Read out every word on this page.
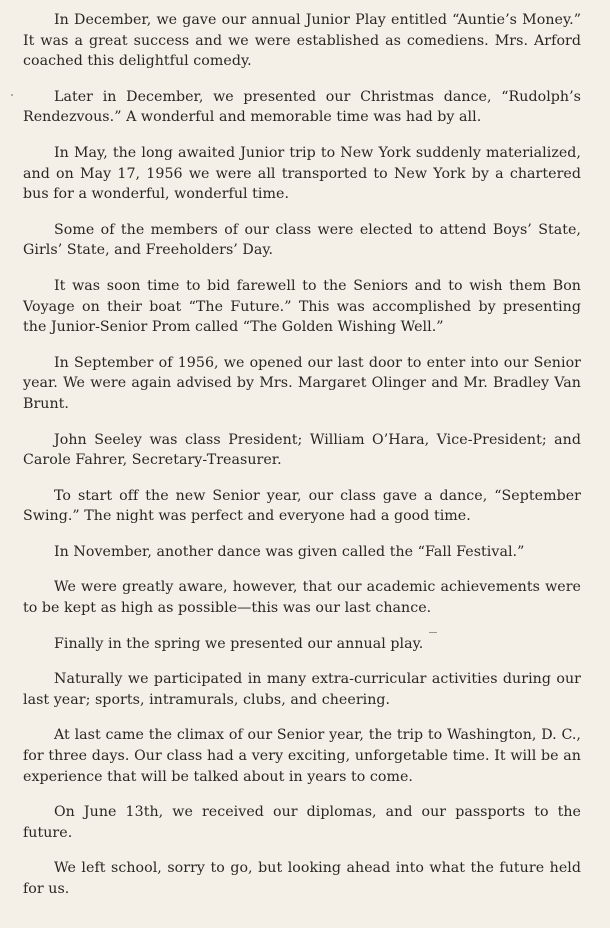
In December, we gave our annual Junior Play entitled “Auntie’s Money.” It was a great success and we were established as comediens. Mrs. Arford coached this delightful comedy.

Later in December, we presented our Christmas dance, “Rudolph’s Rendezvous.” A wonderful and memorable time was had by all.

In May, the long awaited Junior trip to New York suddenly materialized, and on May 17, 1956 we were all transported to New York by a chartered bus for a wonderful, wonderful time.

Some of the members of our class were elected to attend Boys’ State, Girls’ State, and Freeholders’ Day.

It was soon time to bid farewell to the Seniors and to wish them Bon Voyage on their boat “The Future.” This was accomplished by presenting the Junior-Senior Prom called “The Golden Wishing Well.”

In September of 1956, we opened our last door to enter into our Senior year. We were again advised by Mrs. Margaret Olinger and Mr. Bradley Van Brunt.

John Seeley was class President; William O’Hara, Vice-President; and Carole Fahrer, Secretary-Treasurer.

To start off the new Senior year, our class gave a dance, “September Swing.” The night was perfect and everyone had a good time.

In November, another dance was given called the “Fall Festival.”

We were greatly aware, however, that our academic achievements were to be kept as high as possible—this was our last chance.

Finally in the spring we presented our annual play.

Naturally we participated in many extra-curricular activities during our last year; sports, intramurals, clubs, and cheering.

At last came the climax of our Senior year, the trip to Washington, D. C., for three days. Our class had a very exciting, unforgetable time. It will be an experience that will be talked about in years to come.

On June 13th, we received our diplomas, and our passports to the future.

We left school, sorry to go, but looking ahead into what the future held for us.
